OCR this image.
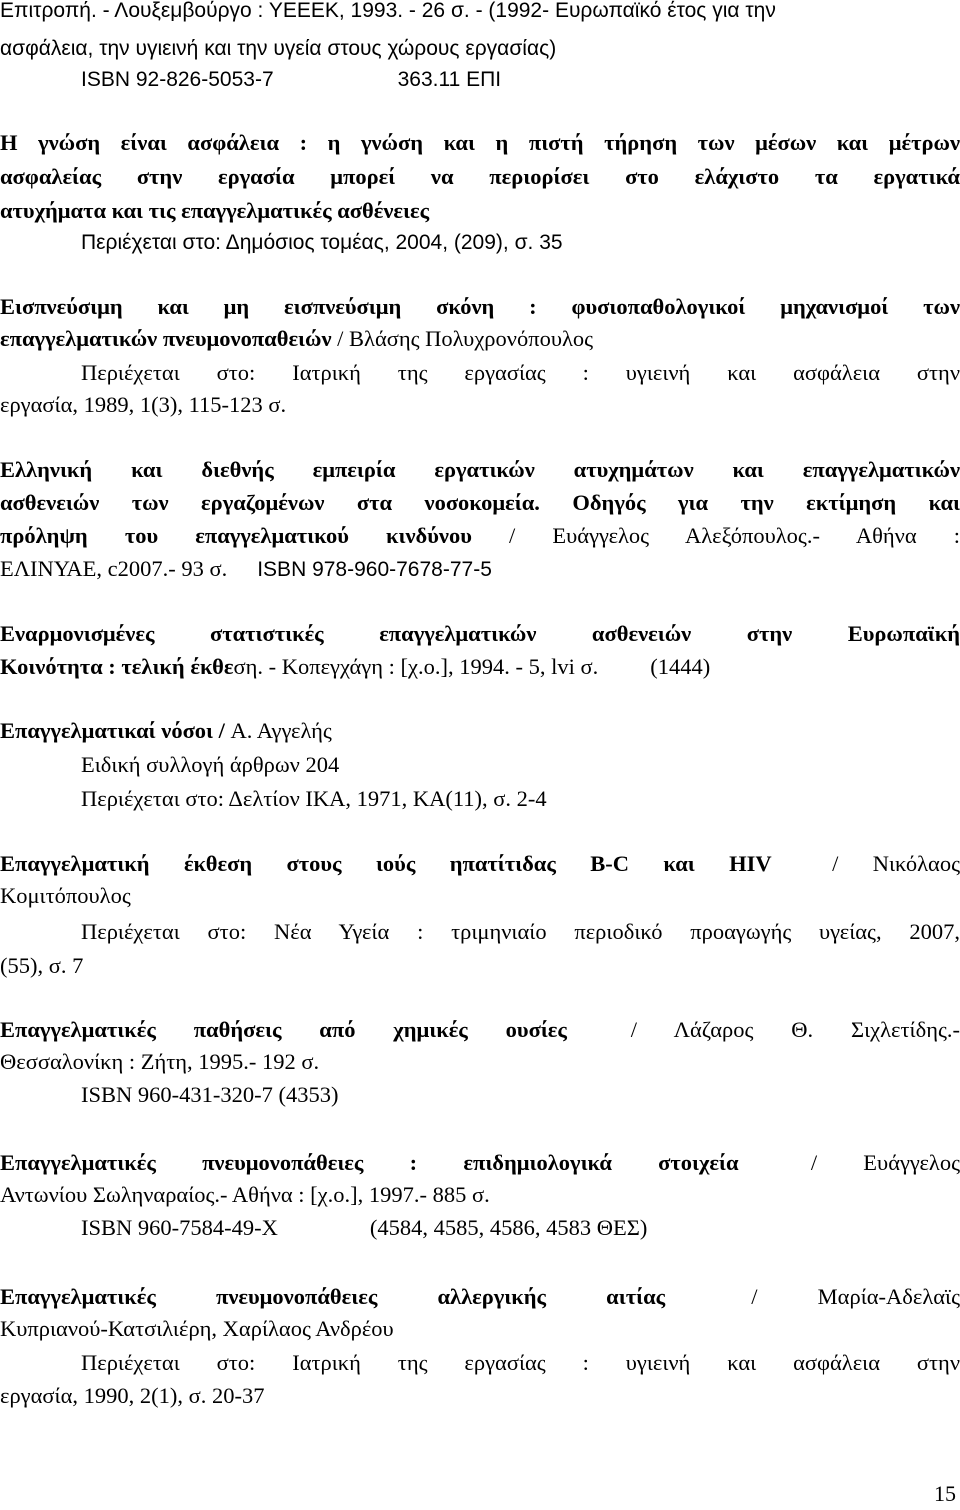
Επιτροπή. - Λουξεμβούργο : ΥΕΕΕΚ, 1993. - 26 σ. - (1992- Ευρωπαϊκό έτος για την
ασφάλεια, την υγιεινή και την υγεία στους χώρους εργασίας)
ISBN 92-826-5053-7	363.11 ΕΠΙ
Η γνώση είναι ασφάλεια : η γνώση και η πιστή τήρηση των μέσων και μέτρων
ασφαλείας στην εργασία μπορεί να περιορίσει στο ελάχιστο τα εργατικά
ατυχήματα και τις επαγγελματικές ασθένειες
Περιέχεται στο: Δημόσιος τομέας, 2004, (209), σ. 35
Εισπνεύσιμη και μη εισπνεύσιμη σκόνη : φυσιοπαθολογικοί μηχανισμοί των
επαγγελματικών πνευμονοπαθειών / Βλάσης Πολυχρονόπουλος
Περιέχεται στο: Ιατρική της εργασίας : υγιεινή και ασφάλεια στην
εργασία, 1989, 1(3), 115-123 σ.
Ελληνική και διεθνής εμπειρία εργατικών ατυχημάτων και επαγγελματικών
ασθενειών των εργαζομένων στα νοσοκομεία. Οδηγός για την εκτίμηση και
πρόληψη του επαγγελματικού κινδύνου / Ευάγγελος Αλεξόπουλος.- Αθήνα :
ΕΛΙΝΥΑΕ, c2007.- 93 σ. ISBN 978-960-7678-77-5
Εναρμονισμένες στατιστικές επαγγελματικών ασθενειών στην Ευρωπαϊκή
Κοινότητα : τελική έκθεση. - Κοπεγχάγη : [χ.ο.], 1994. - 5, lvi σ. (1444)
Επαγγελματικαί νόσοι / Α. Αγγελής
Ειδική συλλογή άρθρων 204
Περιέχεται στο: Δελτίον ΙΚΑ, 1971, ΚΑ(11), σ. 2-4
Επαγγελματική έκθεση στους ιούς ηπατίτιδας B-C και HIV	/ Νικόλαος
Κομιτόπουλος
Περιέχεται στο: Νέα Υγεία : τριμηνιαίο περιοδικό προαγωγής υγείας, 2007,
(55), σ. 7
Επαγγελματικές παθήσεις από χημικές ουσίες	/ Λάζαρος Θ. Σιχλετίδης.-
Θεσσαλονίκη : Ζήτη, 1995.- 192 σ.
ISBN 960-431-320-7 (4353)
Επαγγελματικές πνευμονοπάθειες : επιδημιολογικά στοιχεία	/ Ευάγγελος
Αντωνίου Σωληναραίος.- Αθήνα : [χ.ο.], 1997.- 885 σ.
ISBN 960-7584-49-X	(4584, 4585, 4586, 4583 ΘΕΣ)
Επαγγελματικές πνευμονοπάθειες αλλεργικής αιτίας	/ Μαρία-Αδελαϊς
Κυπριανού-Κατσιλιέρη, Χαρίλαος Ανδρέου
Περιέχεται στο: Ιατρική της εργασίας : υγιεινή και ασφάλεια στην
εργασία, 1990, 2(1), σ. 20-37
15
